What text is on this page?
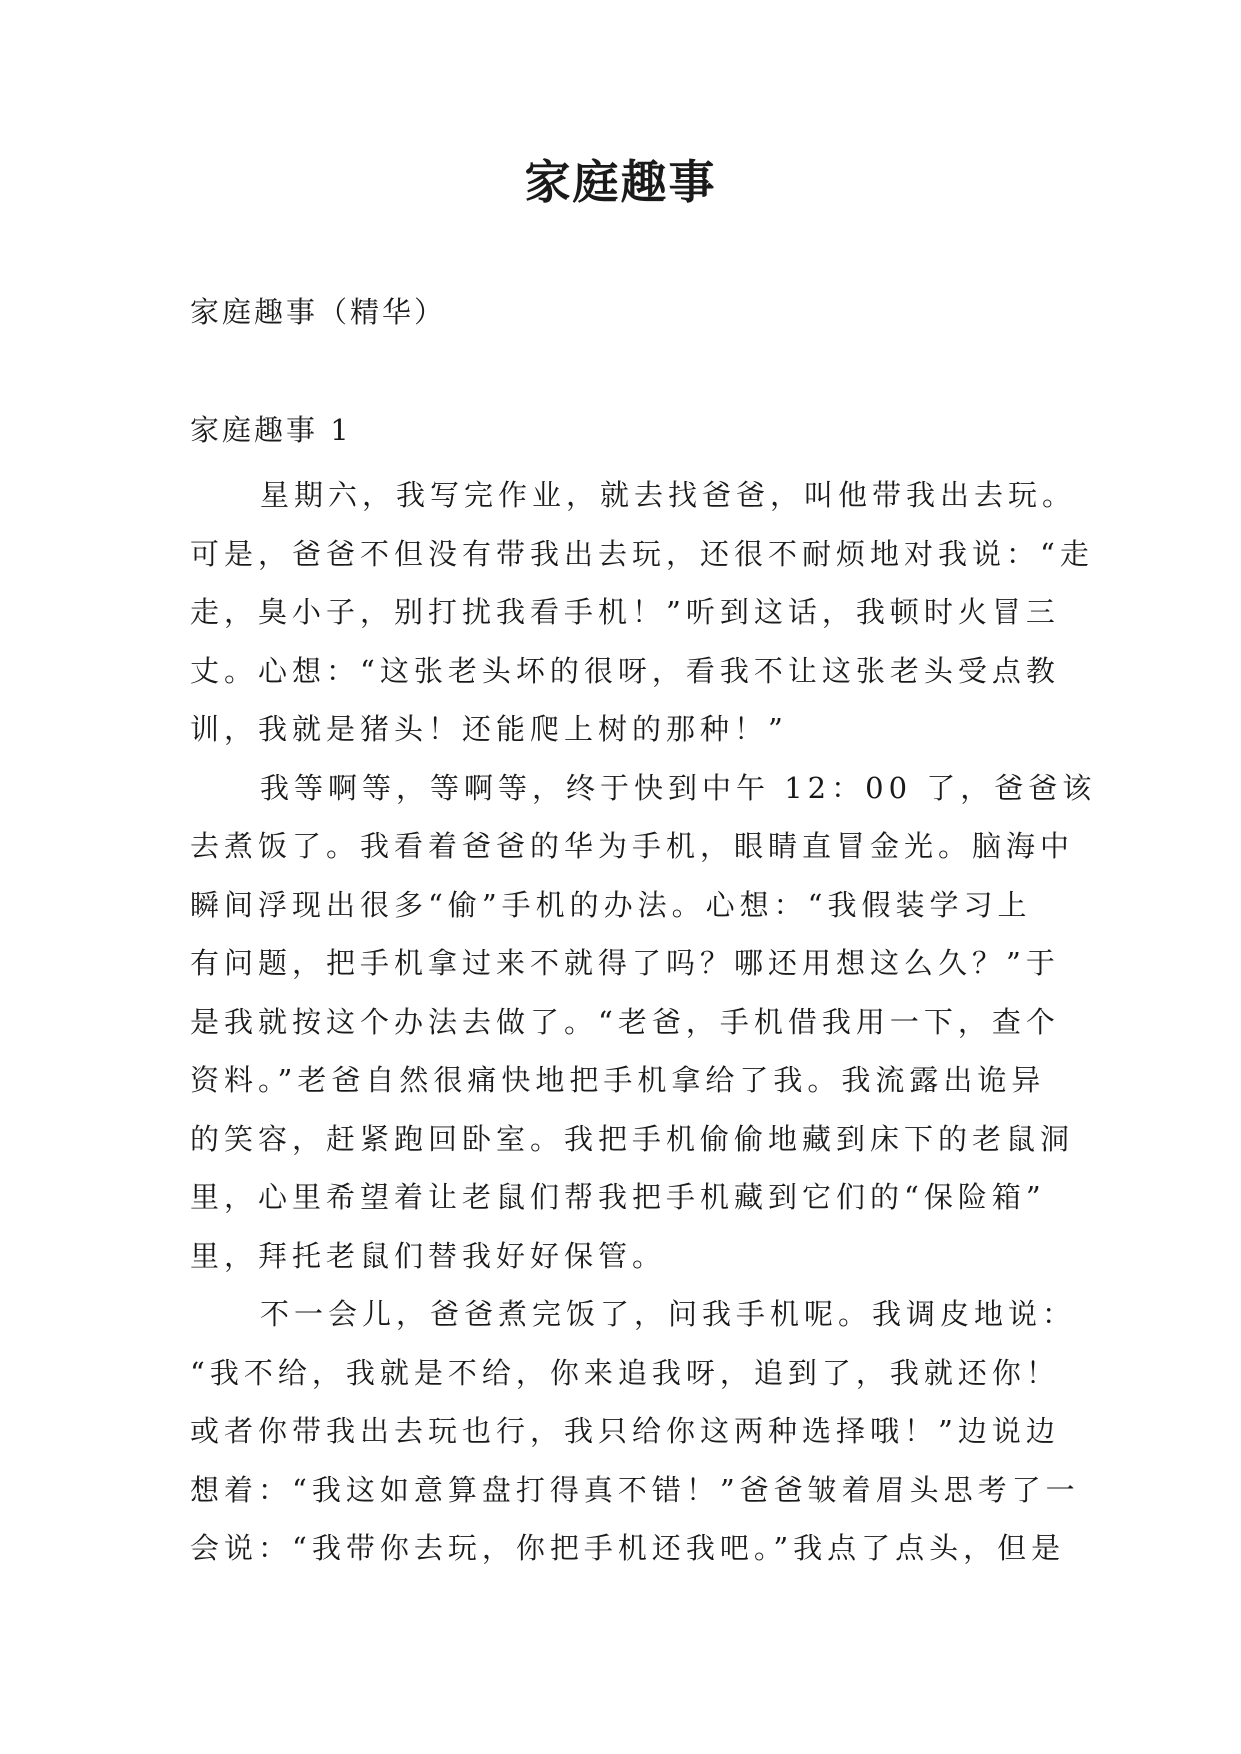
家庭趣事
家庭趣事（精华）
家庭趣事 1
星期六，我写完作业，就去找爸爸，叫他带我出去玩。
可是，爸爸不但没有带我出去玩，还很不耐烦地对我说：“走
走，臭小子，别打扰我看手机！”听到这话，我顿时火冒三
丈。心想：“这张老头坏的很呀，看我不让这张老头受点教
训，我就是猪头！还能爬上树的那种！”
我等啊等，等啊等，终于快到中午 12：00 了，爸爸该
去煮饭了。我看着爸爸的华为手机，眼睛直冒金光。脑海中
瞬间浮现出很多“偷”手机的办法。心想：“我假装学习上
有问题，把手机拿过来不就得了吗？哪还用想这么久？”于
是我就按这个办法去做了。“老爸，手机借我用一下，查个
资料。”老爸自然很痛快地把手机拿给了我。我流露出诡异
的笑容，赶紧跑回卧室。我把手机偷偷地藏到床下的老鼠洞
里，心里希望着让老鼠们帮我把手机藏到它们的“保险箱”
里，拜托老鼠们替我好好保管。
不一会儿，爸爸煮完饭了，问我手机呢。我调皮地说：
“我不给，我就是不给，你来追我呀，追到了，我就还你！
或者你带我出去玩也行，我只给你这两种选择哦！”边说边
想着：“我这如意算盘打得真不错！”爸爸皱着眉头思考了一
会说：“我带你去玩，你把手机还我吧。”我点了点头，但是
